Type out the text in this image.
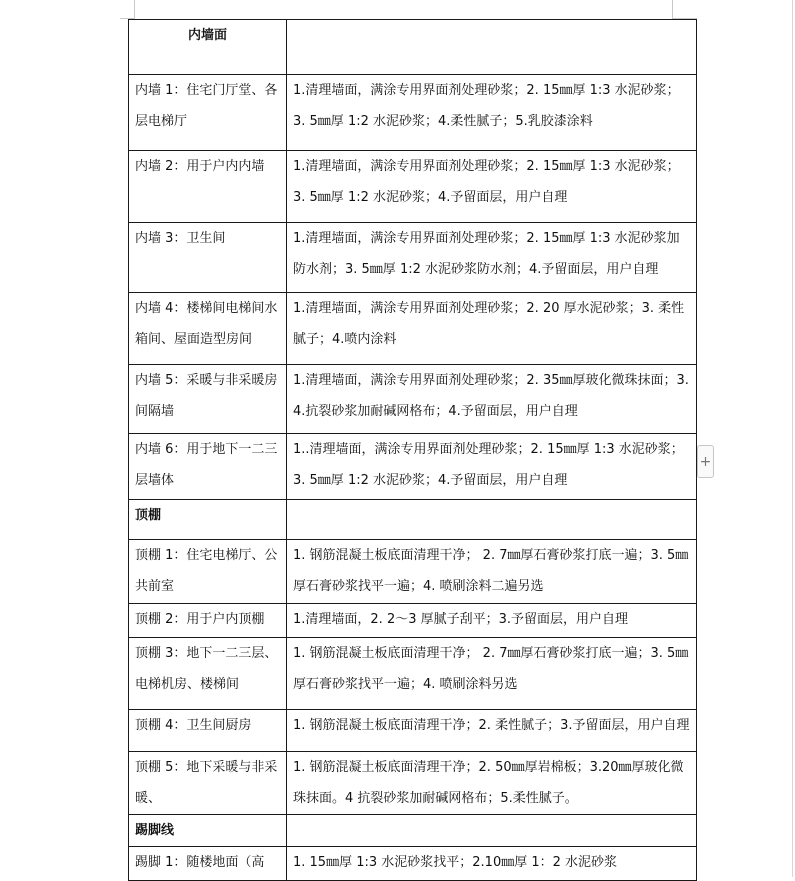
内墙面	
内墙 1：住宅门厅堂、各层电梯厅	1.清理墙面，满涂专用界面剂处理砂浆；2. 15㎜厚 1:3 水泥砂浆；3. 5㎜厚 1:2 水泥砂浆；4.柔性腻子；5.乳胶漆涂料
内墙 2：用于户内内墙	1.清理墙面，满涂专用界面剂处理砂浆；2. 15㎜厚 1:3 水泥砂浆；3. 5㎜厚 1:2 水泥砂浆；4.予留面层，用户自理
内墙 3：卫生间	1.清理墙面，满涂专用界面剂处理砂浆；2. 15㎜厚 1:3 水泥砂浆加防水剂；3. 5㎜厚 1:2 水泥砂浆防水剂；4.予留面层，用户自理
内墙 4：楼梯间电梯间水箱间、屋面造型房间	1.清理墙面，满涂专用界面剂处理砂浆；2. 20 厚水泥砂浆；3. 柔性腻子；4.喷内涂料
内墙 5：采暖与非采暖房间隔墙	1.清理墙面，满涂专用界面剂处理砂浆；2. 35㎜厚玻化微珠抹面；3. 4.抗裂砂浆加耐碱网格布；4.予留面层，用户自理
内墙 6：用于地下一二三层墙体	1..清理墙面，满涂专用界面剂处理砂浆；2. 15㎜厚 1:3 水泥砂浆；3. 5㎜厚 1:2 水泥砂浆；4.予留面层，用户自理
顶棚	
顶棚 1：住宅电梯厅、公共前室	1. 钢筋混凝土板底面清理干净； 2. 7㎜厚石膏砂浆打底一遍；3. 5㎜厚石膏砂浆找平一遍；4. 喷刷涂料二遍另选
顶棚 2：用于户内顶棚	1.清理墙面，2. 2～3 厚腻子刮平；3.予留面层，用户自理
顶棚 3：地下一二三层、电梯机房、楼梯间	1. 钢筋混凝土板底面清理干净； 2. 7㎜厚石膏砂浆打底一遍；3. 5㎜厚石膏砂浆找平一遍；4. 喷刷涂料另选
顶棚 4：卫生间厨房	1. 钢筋混凝土板底面清理干净；2. 柔性腻子；3.予留面层，用户自理
顶棚 5：地下采暖与非采暖、	1. 钢筋混凝土板底面清理干净；2. 50㎜厚岩棉板；3.20㎜厚玻化微珠抹面。4 抗裂砂浆加耐碱网格布；5.柔性腻子。
踢脚线	
踢脚 1：随楼地面（高	1. 15㎜厚 1:3 水泥砂浆找平；2.10㎜厚 1：2 水泥砂浆
+
